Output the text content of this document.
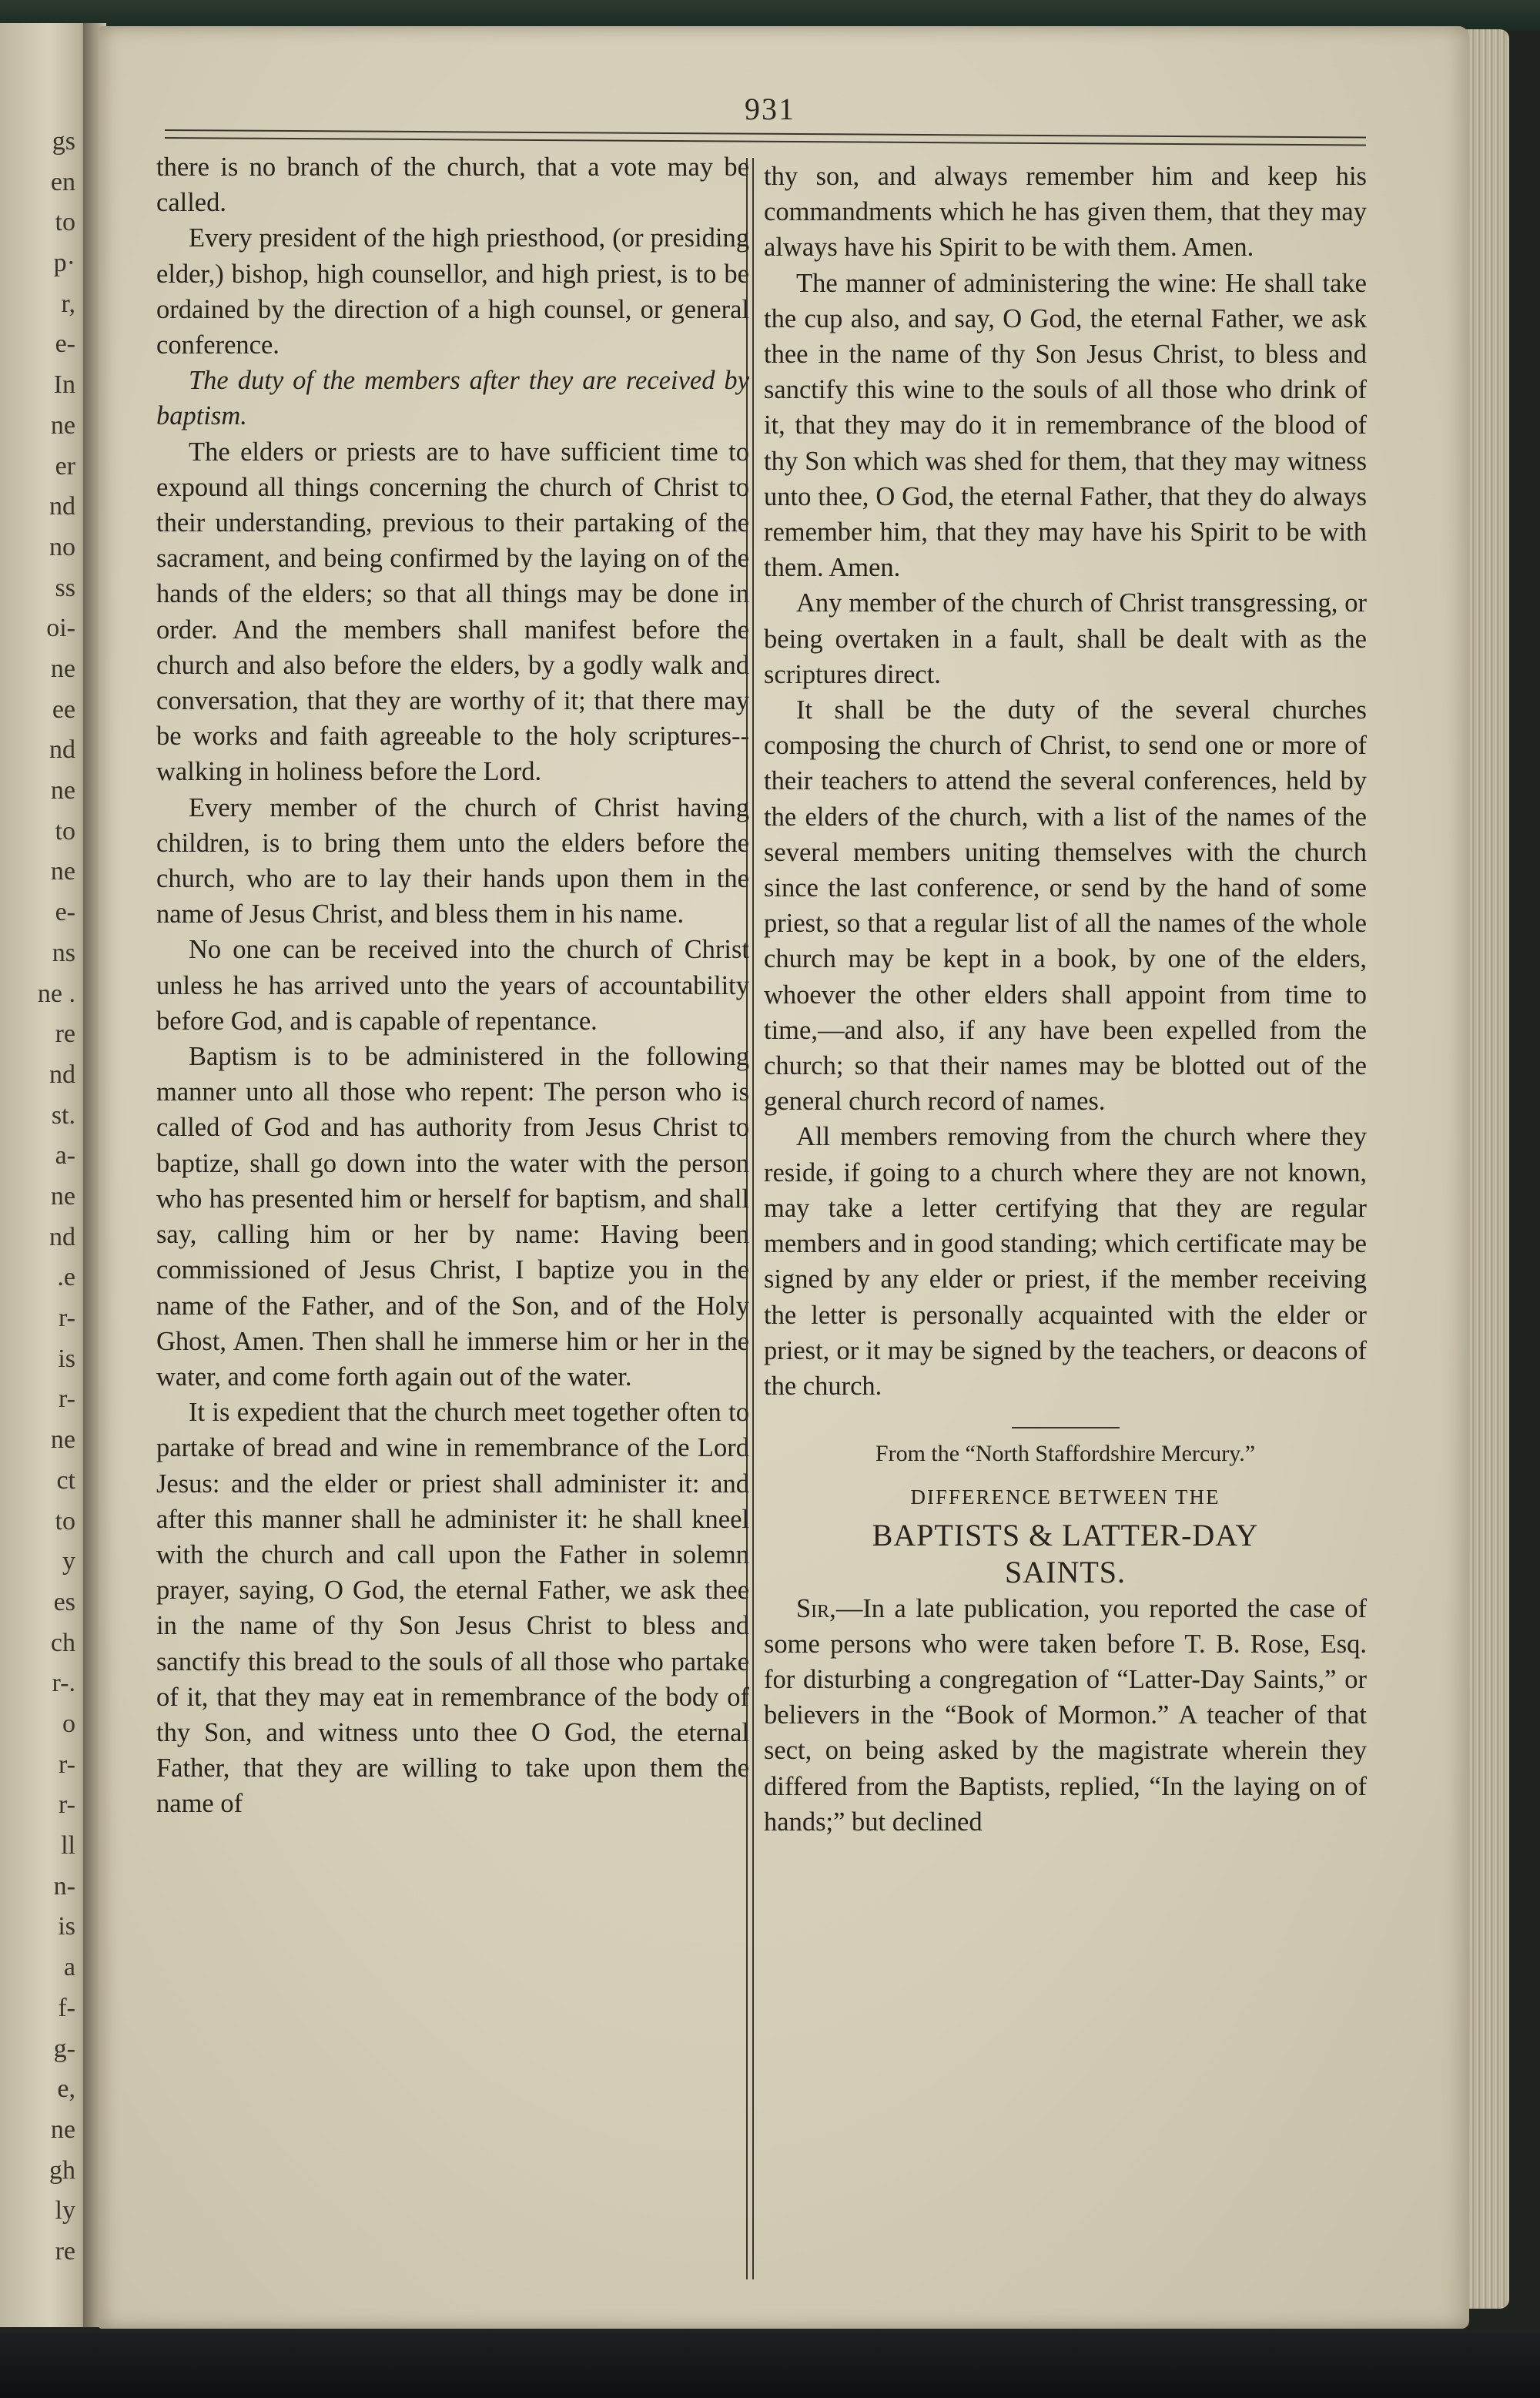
gs
en
to
p·
r,
e-
In
ne
er
nd
no
ss
oi-
ne
ee
nd
ne
to
ne
e-
ns
ne .
re
nd
st.
a-
ne
nd
.e
r-
is
r-
ne
ct
to
y
es
ch
r-.
o
r-
r-
ll
n-
is
a
f-
g-
e,
ne
gh
ly
re
931

there is no branch of the church, that a vote may be called.

Every president of the high priesthood, (or presiding elder,) bishop, high counsellor, and high priest, is to be ordained by the direction of a high counsel, or general conference.

The duty of the members after they are received by baptism.

The elders or priests are to have sufficient time to expound all things concerning the church of Christ to their understanding, previous to their partaking of the sacrament, and being confirmed by the laying on of the hands of the elders; so that all things may be done in order. And the members shall manifest before the church and also before the elders, by a godly walk and conversation, that they are worthy of it; that there may be works and faith agreeable to the holy scriptures--walking in holiness before the Lord.

Every member of the church of Christ having children, is to bring them unto the elders before the church, who are to lay their hands upon them in the name of Jesus Christ, and bless them in his name.

No one can be received into the church of Christ unless he has arrived unto the years of accountability before God, and is capable of repentance.

Baptism is to be administered in the following manner unto all those who repent: The person who is called of God and has authority from Jesus Christ to baptize, shall go down into the water with the person who has presented him or herself for baptism, and shall say, calling him or her by name: Having been commissioned of Jesus Christ, I baptize you in the name of the Father, and of the Son, and of the Holy Ghost, Amen. Then shall he immerse him or her in the water, and come forth again out of the water.

It is expedient that the church meet together often to partake of bread and wine in remembrance of the Lord Jesus: and the elder or priest shall administer it: and after this manner shall he administer it: he shall kneel with the church and call upon the Father in solemn prayer, saying, O God, the eternal Father, we ask thee in the name of thy Son Jesus Christ to bless and sanctify this bread to the souls of all those who partake of it, that they may eat in remembrance of the body of thy Son, and witness unto thee O God, the eternal Father, that they are willing to take upon them the name of

thy son, and always remember him and keep his commandments which he has given them, that they may always have his Spirit to be with them. Amen.

The manner of administering the wine: He shall take the cup also, and say, O God, the eternal Father, we ask thee in the name of thy Son Jesus Christ, to bless and sanctify this wine to the souls of all those who drink of it, that they may do it in remembrance of the blood of thy Son which was shed for them, that they may witness unto thee, O God, the eternal Father, that they do always remember him, that they may have his Spirit to be with them. Amen.

Any member of the church of Christ transgressing, or being overtaken in a fault, shall be dealt with as the scriptures direct.

It shall be the duty of the several churches composing the church of Christ, to send one or more of their teachers to attend the several conferences, held by the elders of the church, with a list of the names of the several members uniting themselves with the church since the last conference, or send by the hand of some priest, so that a regular list of all the names of the whole church may be kept in a book, by one of the elders, whoever the other elders shall appoint from time to time,—and also, if any have been expelled from the church; so that their names may be blotted out of the general church record of names.

All members removing from the church where they reside, if going to a church where they are not known, may take a letter certifying that they are regular members and in good standing; which certificate may be signed by any elder or priest, if the member receiving the letter is personally acquainted with the elder or priest, or it may be signed by the teachers, or deacons of the church.

From the “North Staffordshire Mercury.”

DIFFERENCE BETWEEN THE

BAPTISTS & LATTER-DAY
SAINTS.

Sir,—In a late publication, you reported the case of some persons who were taken before T. B. Rose, Esq. for disturbing a congregation of “Latter-Day Saints,” or believers in the “Book of Mormon.” A teacher of that sect, on being asked by the magistrate wherein they differed from the Baptists, replied, “In the laying on of hands;” but declined
